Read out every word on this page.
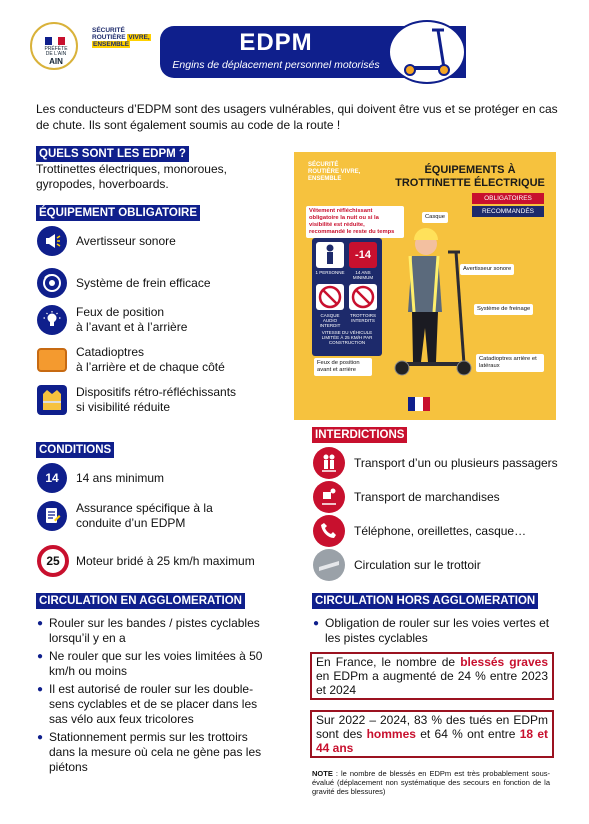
PRÉFÈTE
DE L'AIN
AIN
SÉCURITÉ
ROUTIÈRE VIVRE,
ENSEMBLE	EDPM
Engins de déplacement personnel motorisés
Les conducteurs d’EDPM sont des usagers vulnérables, qui doivent être vus et se protéger en cas de chute. Ils sont également soumis au code de la route !
QUELS SONT LES EDPM ?
Trottinettes électriques, monoroues, gyropodes, hoverboards.
ÉQUIPEMENT OBLIGATOIRE
Avertisseur sonore
Système de frein efficace
Feux de position
à l’avant et à l’arrière
Catadioptres
à l’arrière et de chaque côté
Dispositifs rétro-réfléchissants
si visibilité réduite
SÉCURITÉ ROUTIÈRE VIVRE, ENSEMBLE
ÉQUIPEMENTS À TROTTINETTE ÉLECTRIQUE
OBLIGATOIRES
RECOMMANDÉS
Vêtement réfléchissant obligatoire la nuit ou si la visibilité est réduite, recommandé le reste du temps
Casque
Avertisseur sonore
Système de freinage
Feux de position avant et arrière
Catadioptres arrière et latéraux
-14
1 PERSONNE	14 ANS MINIMUM
CASQUE AUDIO INTERDIT
TROTTOIRS INTERDITS
VITESSE DU VÉHICULE LIMITÉE À 25 KM/H PAR CONSTRUCTION
CONDITIONS
14	14 ans minimum
Assurance spécifique à la
conduite d’un EDPM
25	Moteur bridé à 25 km/h maximum
INTERDICTIONS
Transport d’un ou plusieurs passagers
Transport de marchandises
Téléphone, oreillettes, casque…
Circulation sur le trottoir
CIRCULATION EN AGGLOMERATION
● Rouler sur les bandes / pistes cyclables lorsqu’il y en a
● Ne rouler que sur les voies limitées à 50 km/h ou moins
● Il est autorisé de rouler sur les double-sens cyclables et de se placer dans les sas vélo aux feux tricolores
● Stationnement permis sur les trottoirs dans la mesure où cela ne gène pas les piétons
CIRCULATION HORS AGGLOMERATION
● Obligation de rouler sur les voies vertes et les pistes cyclables
En France, le nombre de blessés graves en EDPm a augmenté de 24 % entre 2023 et 2024
Sur 2022 – 2024, 83 % des tués en EDPm sont des hommes et 64 % ont entre 18 et 44 ans
NOTE : le nombre de blessés en EDPm est très probablement sous-évalué (déplacement non systématique des secours en fonction de la gravité des blessures)
